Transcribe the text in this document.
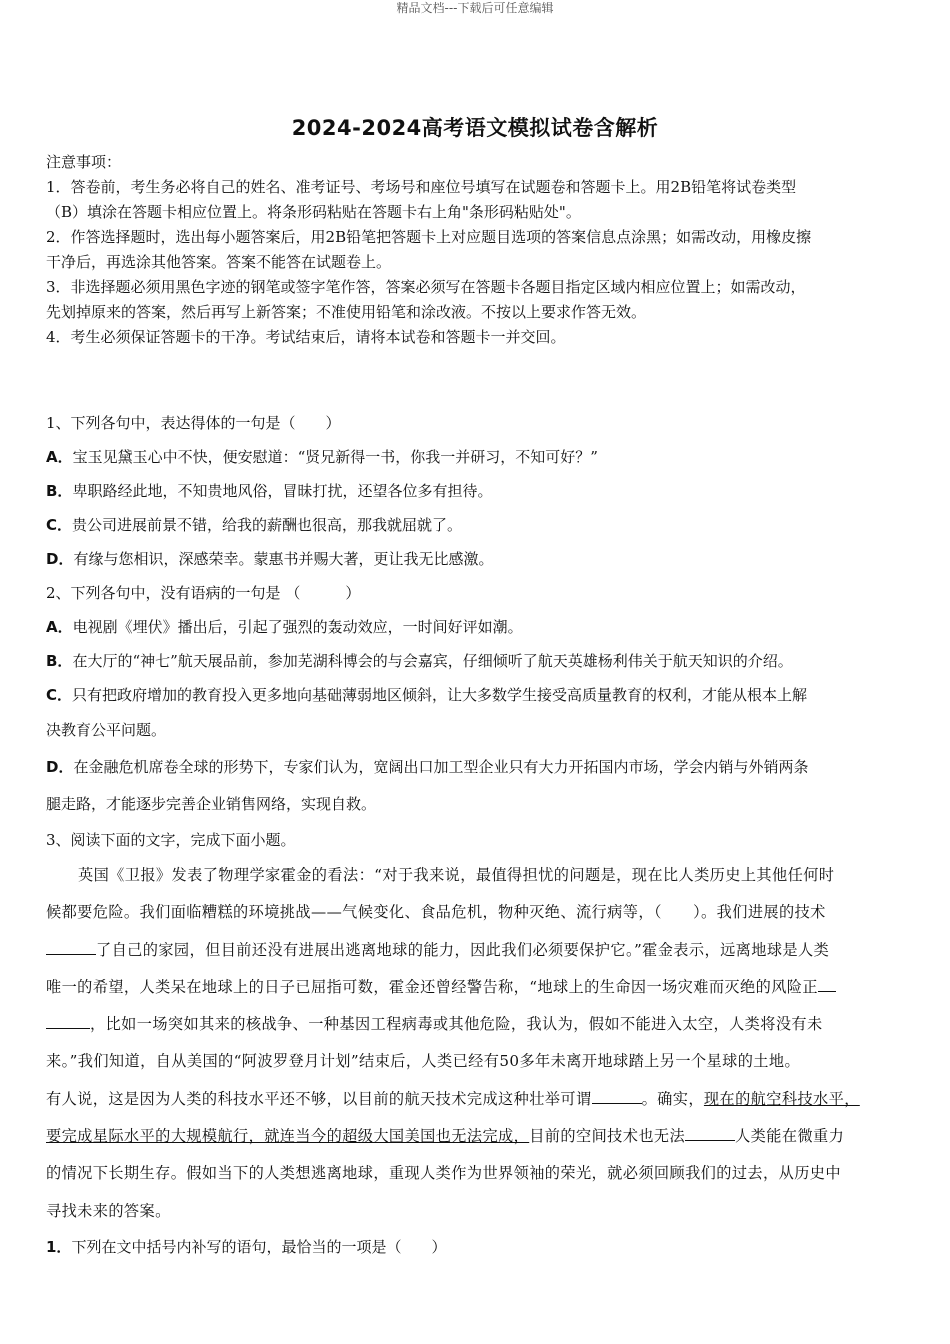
精品文档---下载后可任意编辑
2024-2024高考语文模拟试卷含解析
注意事项：
1．答卷前，考生务必将自己的姓名、准考证号、考场号和座位号填写在试题卷和答题卡上。用2B铅笔将试卷类型
（B）填涂在答题卡相应位置上。将条形码粘贴在答题卡右上角"条形码粘贴处"。
2．作答选择题时，选出每小题答案后，用2B铅笔把答题卡上对应题目选项的答案信息点涂黑；如需改动，用橡皮擦
干净后，再选涂其他答案。答案不能答在试题卷上。
3．非选择题必须用黑色字迹的钢笔或签字笔作答，答案必须写在答题卡各题目指定区域内相应位置上；如需改动，
先划掉原来的答案，然后再写上新答案；不准使用铅笔和涂改液。不按以上要求作答无效。
4．考生必须保证答题卡的干净。考试结束后，请将本试卷和答题卡一并交回。
1、下列各句中，表达得体的一句是（　　）
A．宝玉见黛玉心中不快，便安慰道：“贤兄新得一书，你我一并研习，不知可好？”
B．卑职路经此地，不知贵地风俗，冒昧打扰，还望各位多有担待。
C．贵公司进展前景不错，给我的薪酬也很高，那我就屈就了。
D．有缘与您相识，深感荣幸。蒙惠书并赐大著，更让我无比感激。
2、下列各句中，没有语病的一句是 （　　　）
A．电视剧《埋伏》播出后，引起了强烈的轰动效应，一时间好评如潮。
B．在大厅的“神七”航天展品前，参加芜湖科博会的与会嘉宾，仔细倾听了航天英雄杨利伟关于航天知识的介绍。
C．只有把政府增加的教育投入更多地向基础薄弱地区倾斜，让大多数学生接受高质量教育的权利，才能从根本上解
决教育公平问题。
D．在金融危机席卷全球的形势下，专家们认为，宽阔出口加工型企业只有大力开拓国内市场，学会内销与外销两条
腿走路，才能逐步完善企业销售网络，实现自救。
3、阅读下面的文字，完成下面小题。
英国《卫报》发表了物理学家霍金的看法：“对于我来说，最值得担忧的问题是，现在比人类历史上其他任何时
候都要危险。我们面临糟糕的环境挑战——气候变化、食品危机，物种灭绝、流行病等，（　　）。我们进展的技术
了自己的家园，但目前还没有进展出逃离地球的能力，因此我们必须要保护它。”霍金表示，远离地球是人类
唯一的希望，人类呆在地球上的日子已屈指可数，霍金还曾经警告称，“地球上的生命因一场灾难而灭绝的风险正
，比如一场突如其来的核战争、一种基因工程病毒或其他危险，我认为，假如不能进入太空，人类将没有未
来。”我们知道，自从美国的“阿波罗登月计划”结束后，人类已经有50多年未离开地球踏上另一个星球的土地。
有人说，这是因为人类的科技水平还不够，以目前的航天技术完成这种壮举可谓	。确实，现在的航空科技水平，
要完成星际水平的大规模航行，就连当今的超级大国美国也无法完成，目前的空间技术也无法	人类能在微重力
的情况下长期生存。假如当下的人类想逃离地球，重现人类作为世界领袖的荣光，就必须回顾我们的过去，从历史中
寻找未来的答案。
1．下列在文中括号内补写的语句，最恰当的一项是（　　）
